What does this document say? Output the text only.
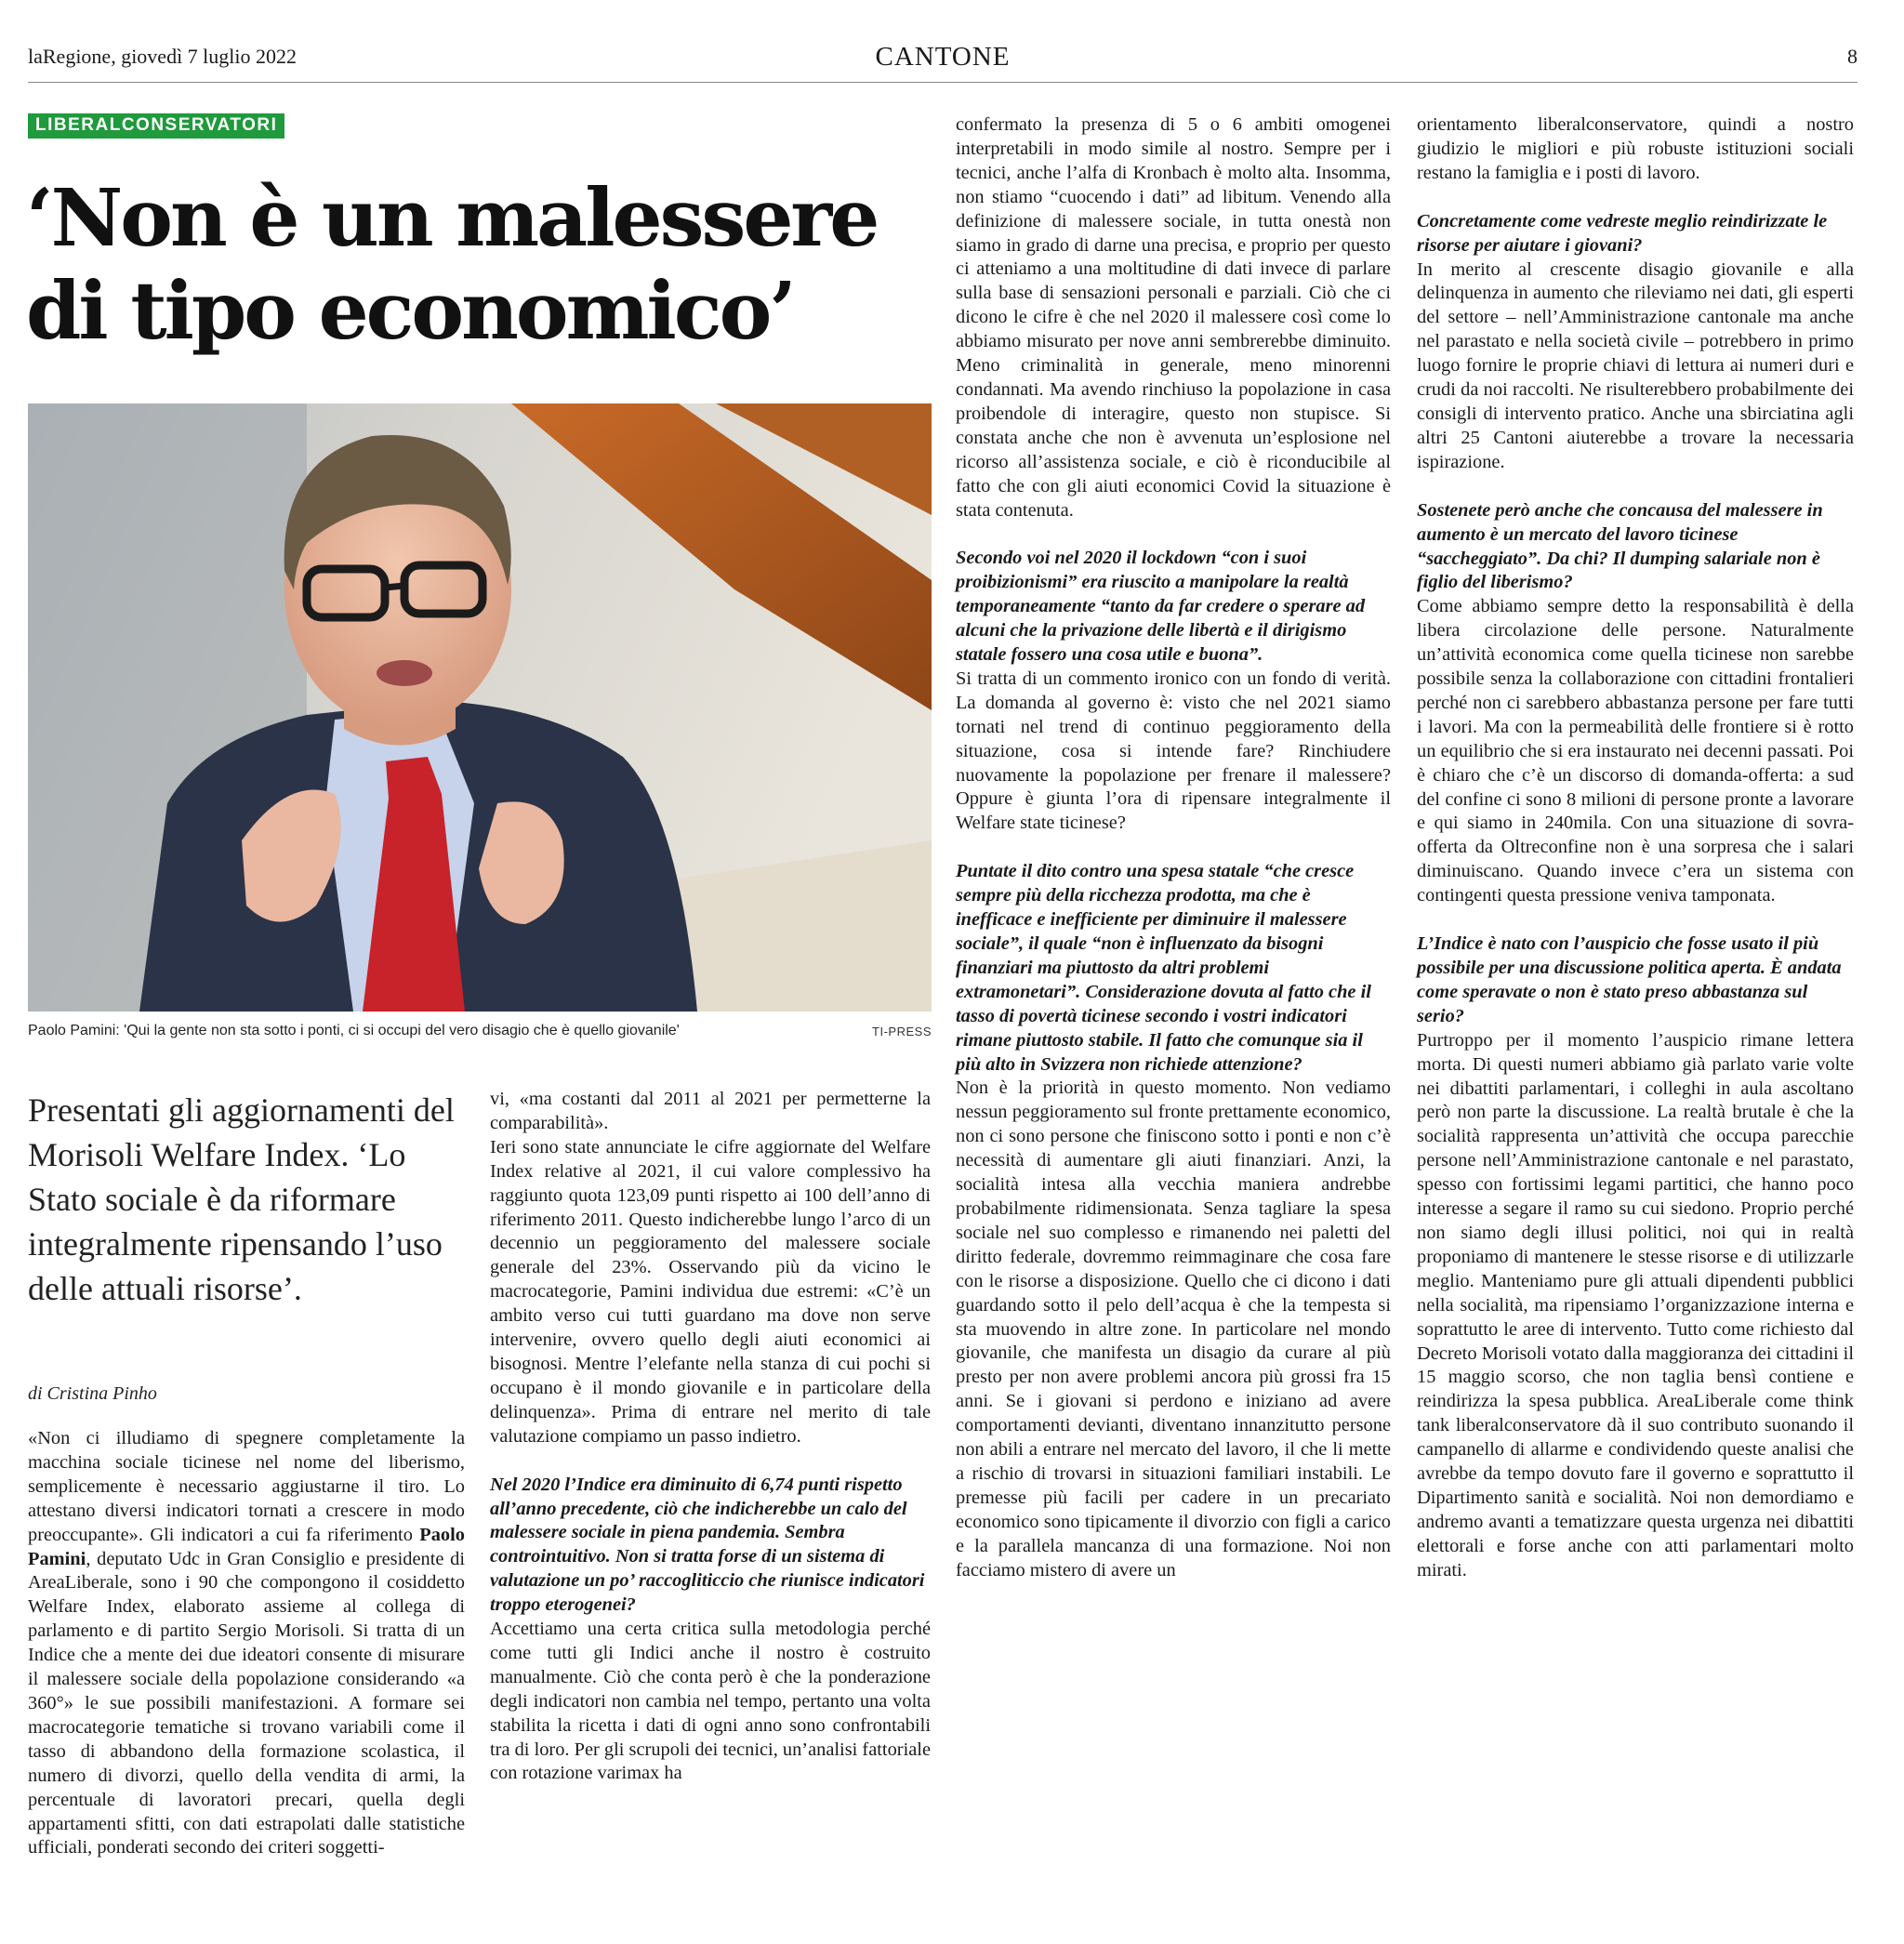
laRegione, giovedì 7 luglio 2022	CANTONE	8
LIBERALCONSERVATORI
‘Non è un malessere di tipo economico’
Paolo Pamini: 'Qui la gente non sta sotto i ponti, ci si occupi del vero disagio che è quello giovanile'	TI-PRESS

Presentati gli aggiornamenti del Morisoli Welfare Index. ‘Lo Stato sociale è da riformare integralmente ripensando l’uso delle attuali risorse’.

di Cristina Pinho

«Non ci illudiamo di spegnere completamente la macchina sociale ticinese nel nome del liberismo, semplicemente è necessario aggiustarne il tiro. Lo attestano diversi indicatori tornati a crescere in modo preoccupante». Gli indicatori a cui fa riferimento Paolo Pamini, deputato Udc in Gran Consiglio e presidente di AreaLiberale, sono i 90 che compongono il cosiddetto Welfare Index, elaborato assieme al collega di parlamento e di partito Sergio Morisoli. Si tratta di un Indice che a mente dei due ideatori consente di misurare il malessere sociale della popolazione considerando «a 360°» le sue possibili manifestazioni. A formare sei macrocategorie tematiche si trovano variabili come il tasso di abbandono della formazione scolastica, il numero di divorzi, quello della vendita di armi, la percentuale di lavoratori precari, quella degli appartamenti sfitti, con dati estrapolati dalle statistiche ufficiali, ponderati secondo dei criteri soggetti-

vi, «ma costanti dal 2011 al 2021 per permetterne la comparabilità».

Ieri sono state annunciate le cifre aggiornate del Welfare Index relative al 2021, il cui valore complessivo ha raggiunto quota 123,09 punti rispetto ai 100 dell’anno di riferimento 2011. Questo indicherebbe lungo l’arco di un decennio un peggioramento del malessere sociale generale del 23%. Osservando più da vicino le macrocategorie, Pamini individua due estremi: «C’è un ambito verso cui tutti guardano ma dove non serve intervenire, ovvero quello degli aiuti economici ai bisognosi. Mentre l’elefante nella stanza di cui pochi si occupano è il mondo giovanile e in particolare della delinquenza». Prima di entrare nel merito di tale valutazione compiamo un passo indietro.

Nel 2020 l’Indice era diminuito di 6,74 punti rispetto all’anno precedente, ciò che indicherebbe un calo del malessere sociale in piena pandemia. Sembra controintuitivo. Non si tratta forse di un sistema di valutazione un po’ raccogliticcio che riunisce indicatori troppo eterogenei?

Accettiamo una certa critica sulla metodologia perché come tutti gli Indici anche il nostro è costruito manualmente. Ciò che conta però è che la ponderazione degli indicatori non cambia nel tempo, pertanto una volta stabilita la ricetta i dati di ogni anno sono confrontabili tra di loro. Per gli scrupoli dei tecnici, un’analisi fattoriale con rotazione varimax ha

confermato la presenza di 5 o 6 ambiti omogenei interpretabili in modo simile al nostro. Sempre per i tecnici, anche l’alfa di Kronbach è molto alta. Insomma, non stiamo “cuocendo i dati” ad libitum. Venendo alla definizione di malessere sociale, in tutta onestà non siamo in grado di darne una precisa, e proprio per questo ci atteniamo a una moltitudine di dati invece di parlare sulla base di sensazioni personali e parziali. Ciò che ci dicono le cifre è che nel 2020 il malessere così come lo abbiamo misurato per nove anni sembrerebbe diminuito. Meno criminalità in generale, meno minorenni condannati. Ma avendo rinchiuso la popolazione in casa proibendole di interagire, questo non stupisce. Si constata anche che non è avvenuta un’esplosione nel ricorso all’assistenza sociale, e ciò è riconducibile al fatto che con gli aiuti economici Covid la situazione è stata contenuta.

Secondo voi nel 2020 il lockdown “con i suoi proibizionismi” era riuscito a manipolare la realtà temporaneamente “tanto da far credere o sperare ad alcuni che la privazione delle libertà e il dirigismo statale fossero una cosa utile e buona”.

Si tratta di un commento ironico con un fondo di verità. La domanda al governo è: visto che nel 2021 siamo tornati nel trend di continuo peggioramento della situazione, cosa si intende fare? Rinchiudere nuovamente la popolazione per frenare il malessere? Oppure è giunta l’ora di ripensare integralmente il Welfare state ticinese?

Puntate il dito contro una spesa statale “che cresce sempre più della ricchezza prodotta, ma che è inefficace e inefficiente per diminuire il malessere sociale”, il quale “non è influenzato da bisogni finanziari ma piuttosto da altri problemi extramonetari”. Considerazione dovuta al fatto che il tasso di povertà ticinese secondo i vostri indicatori rimane piuttosto stabile. Il fatto che comunque sia il più alto in Svizzera non richiede attenzione?

Non è la priorità in questo momento. Non vediamo nessun peggioramento sul fronte prettamente economico, non ci sono persone che finiscono sotto i ponti e non c’è necessità di aumentare gli aiuti finanziari. Anzi, la socialità intesa alla vecchia maniera andrebbe probabilmente ridimensionata. Senza tagliare la spesa sociale nel suo complesso e rimanendo nei paletti del diritto federale, dovremmo reimmaginare che cosa fare con le risorse a disposizione. Quello che ci dicono i dati guardando sotto il pelo dell’acqua è che la tempesta si sta muovendo in altre zone. In particolare nel mondo giovanile, che manifesta un disagio da curare al più presto per non avere problemi ancora più grossi fra 15 anni. Se i giovani si perdono e iniziano ad avere comportamenti devianti, diventano innanzitutto persone non abili a entrare nel mercato del lavoro, il che li mette a rischio di trovarsi in situazioni familiari instabili. Le premesse più facili per cadere in un precariato economico sono tipicamente il divorzio con figli a carico e la parallela mancanza di una formazione. Noi non facciamo mistero di avere un

orientamento liberalconservatore, quindi a nostro giudizio le migliori e più robuste istituzioni sociali restano la famiglia e i posti di lavoro.

Concretamente come vedreste meglio reindirizzate le risorse per aiutare i giovani?

In merito al crescente disagio giovanile e alla delinquenza in aumento che rileviamo nei dati, gli esperti del settore – nell’Amministrazione cantonale ma anche nel parastato e nella società civile – potrebbero in primo luogo fornire le proprie chiavi di lettura ai numeri duri e crudi da noi raccolti. Ne risulterebbero probabilmente dei consigli di intervento pratico. Anche una sbirciatina agli altri 25 Cantoni aiuterebbe a trovare la necessaria ispirazione.

Sostenete però anche che concausa del malessere in aumento è un mercato del lavoro ticinese “saccheggiato”. Da chi? Il dumping salariale non è figlio del liberismo?

Come abbiamo sempre detto la responsabilità è della libera circolazione delle persone. Naturalmente un’attività economica come quella ticinese non sarebbe possibile senza la collaborazione con cittadini frontalieri perché non ci sarebbero abbastanza persone per fare tutti i lavori. Ma con la permeabilità delle frontiere si è rotto un equilibrio che si era instaurato nei decenni passati. Poi è chiaro che c’è un discorso di domanda-offerta: a sud del confine ci sono 8 milioni di persone pronte a lavorare e qui siamo in 240mila. Con una situazione di sovra-offerta da Oltreconfine non è una sorpresa che i salari diminuiscano. Quando invece c’era un sistema con contingenti questa pressione veniva tamponata.

L’Indice è nato con l’auspicio che fosse usato il più possibile per una discussione politica aperta. È andata come speravate o non è stato preso abbastanza sul serio?

Purtroppo per il momento l’auspicio rimane lettera morta. Di questi numeri abbiamo già parlato varie volte nei dibattiti parlamentari, i colleghi in aula ascoltano però non parte la discussione. La realtà brutale è che la socialità rappresenta un’attività che occupa parecchie persone nell’Amministrazione cantonale e nel parastato, spesso con fortissimi legami partitici, che hanno poco interesse a segare il ramo su cui siedono. Proprio perché non siamo degli illusi politici, noi qui in realtà proponiamo di mantenere le stesse risorse e di utilizzarle meglio. Manteniamo pure gli attuali dipendenti pubblici nella socialità, ma ripensiamo l’organizzazione interna e soprattutto le aree di intervento. Tutto come richiesto dal Decreto Morisoli votato dalla maggioranza dei cittadini il 15 maggio scorso, che non taglia bensì contiene e reindirizza la spesa pubblica. AreaLiberale come think tank liberalconservatore dà il suo contributo suonando il campanello di allarme e condividendo queste analisi che avrebbe da tempo dovuto fare il governo e soprattutto il Dipartimento sanità e socialità. Noi non demordiamo e andremo avanti a tematizzare questa urgenza nei dibattiti elettorali e forse anche con atti parlamentari molto mirati.
